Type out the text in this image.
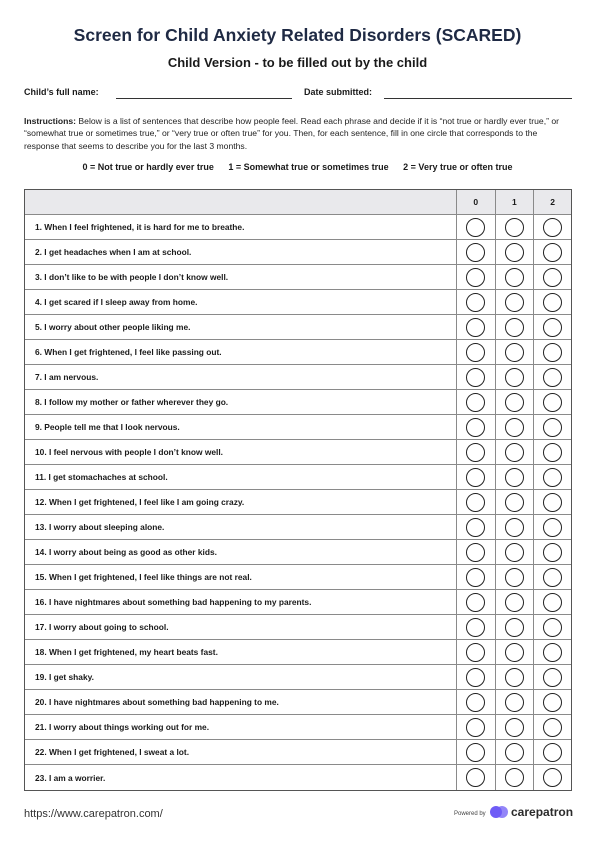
Screen for Child Anxiety Related Disorders (SCARED)
Child Version - to be filled out by the child
Child’s full name:	Date submitted:
Instructions: Below is a list of sentences that describe how people feel. Read each phrase and decide if it is “not true or hardly ever true,” or “somewhat true or sometimes true,” or “very true or often true” for you. Then, for each sentence, fill in one circle that corresponds to the response that seems to describe you for the last 3 months.
0 = Not true or hardly ever true 1 = Somewhat true or sometimes true 2 = Very true or often true
0	1	2
1. When I feel frightened, it is hard for me to breathe.
2. I get headaches when I am at school.
3. I don’t like to be with people I don’t know well.
4. I get scared if I sleep away from home.
5. I worry about other people liking me.
6. When I get frightened, I feel like passing out.
7. I am nervous.
8. I follow my mother or father wherever they go.
9. People tell me that I look nervous.
10. I feel nervous with people I don’t know well.
11. I get stomachaches at school.
12. When I get frightened, I feel like I am going crazy.
13. I worry about sleeping alone.
14. I worry about being as good as other kids.
15. When I get frightened, I feel like things are not real.
16. I have nightmares about something bad happening to my parents.
17. I worry about going to school.
18. When I get frightened, my heart beats fast.
19. I get shaky.
20. I have nightmares about something bad happening to me.
21. I worry about things working out for me.
22. When I get frightened, I sweat a lot.
23. I am a worrier.
https://www.carepatron.com/	Powered by carepatron
